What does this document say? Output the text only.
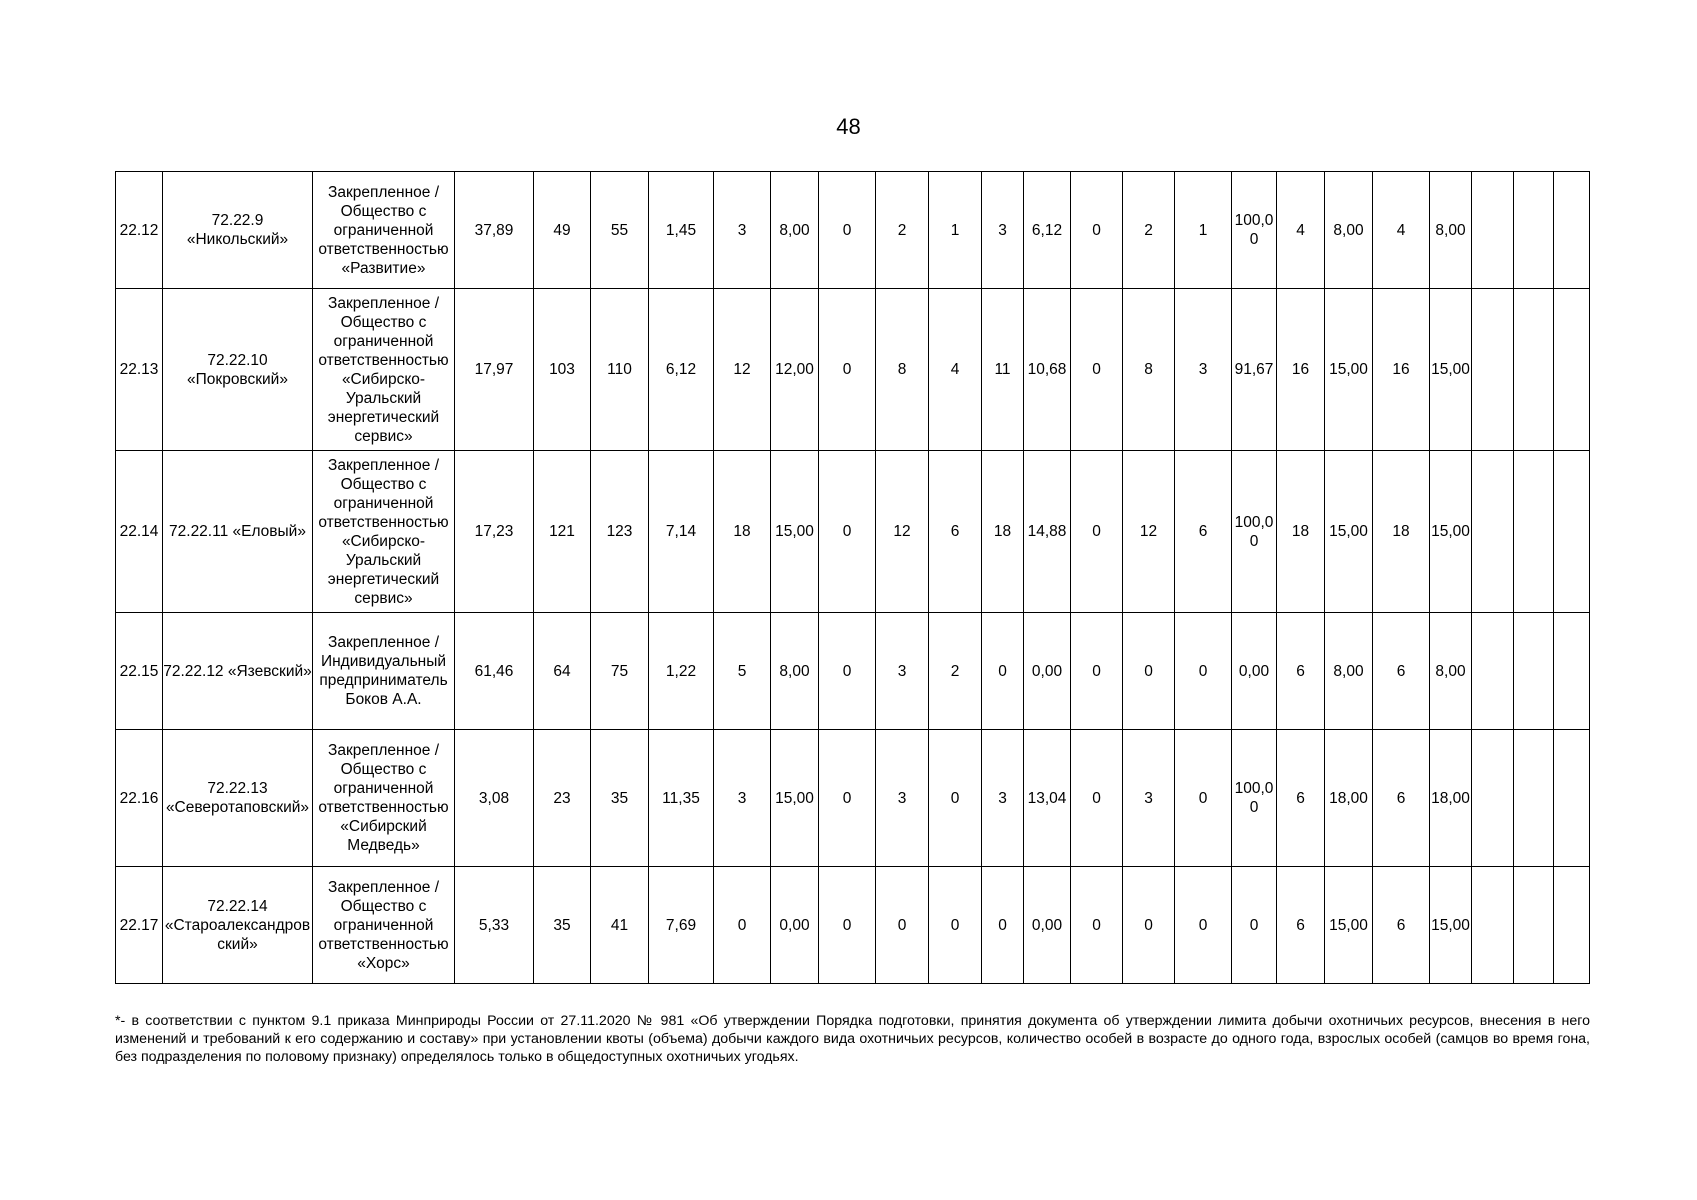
48
22.12	72.22.9 «Никольский»	Закрепленное / Общество с ограниченной ответственностью «Развитие»	37,89	49	55	1,45	3	8,00	0	2	1	3	6,12	0	2	1	100,00	4	8,00	4	8,00			
22.13	72.22.10 «Покровский»	Закрепленное / Общество с ограниченной ответственностью «Сибирско-Уральский энергетический сервис»	17,97	103	110	6,12	12	12,00	0	8	4	11	10,68	0	8	3	91,67	16	15,00	16	15,00			
22.14	72.22.11 «Еловый»	Закрепленное / Общество с ограниченной ответственностью «Сибирско-Уральский энергетический сервис»	17,23	121	123	7,14	18	15,00	0	12	6	18	14,88	0	12	6	100,00	18	15,00	18	15,00			
22.15	72.22.12 «Язевский»	Закрепленное / Индивидуальный предприниматель Боков А.А.	61,46	64	75	1,22	5	8,00	0	3	2	0	0,00	0	0	0	0,00	6	8,00	6	8,00			
22.16	72.22.13 «Северотаповский»	Закрепленное / Общество с ограниченной ответственностью «Сибирский Медведь»	3,08	23	35	11,35	3	15,00	0	3	0	3	13,04	0	3	0	100,00	6	18,00	6	18,00			
22.17	72.22.14 «Староалександровский»	Закрепленное / Общество с ограниченной ответственностью «Хорс»	5,33	35	41	7,69	0	0,00	0	0	0	0	0,00	0	0	0	0	6	15,00	6	15,00			
*- в соответствии с пунктом 9.1 приказа Минприроды России от 27.11.2020 № 981 «Об утверждении Порядка подготовки, принятия документа об утверждении лимита добычи охотничьих ресурсов, внесения в него изменений и требований к его содержанию и составу» при установлении квоты (объема) добычи каждого вида охотничьих ресурсов, количество особей в возрасте до одного года, взрослых особей (самцов во время гона, без подразделения по половому признаку) определялось только в общедоступных охотничьих угодьях.
